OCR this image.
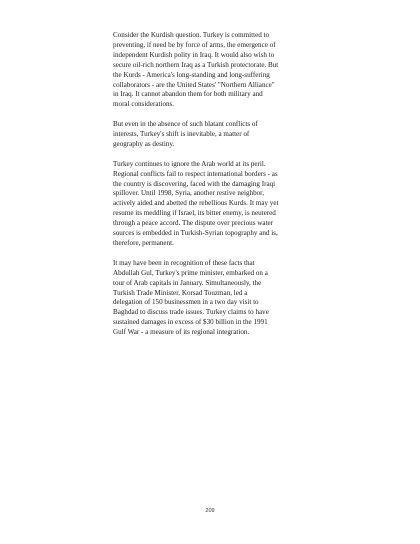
Consider the Kurdish question. Turkey is committed to
preventing, if need be by force of arms, the emergence of
independent Kurdish polity in Iraq. It would also wish to
secure oil-rich northern Iraq as a Turkish protectorate. But
the Kurds - America's long-standing and long-suffering
collaborators - are the United States' "Northern Alliance"
in Iraq. It cannot abandon them for both military and
moral considerations.

But even in the absence of such blatant conflicts of
interests, Turkey's shift is inevitable, a matter of
geography as destiny.

Turkey continues to ignore the Arab world at its peril.
Regional conflicts fail to respect international borders - as
the country is discovering, faced with the damaging Iraqi
spillover. Until 1998, Syria, another restive neighbor,
actively aided and abetted the rebellious Kurds. It may yet
resume its meddling if Israel, its bitter enemy, is neutered
through a peace accord. The dispute over precious water
sources is embedded in Turkish-Syrian topography and is,
therefore, permanent.

It may have been in recognition of these facts that
Abdullah Gul, Turkey's prime minister, embarked on a
tour of Arab capitals in January. Simultaneously, the
Turkish Trade Minister, Korsad Touzman, led a
delegation of 150 businessmen in a two day visit to
Baghdad to discuss trade issues. Turkey claims to have
sustained damages in excess of $30 billion in the 1991
Gulf War - a measure of its regional integration.

209
